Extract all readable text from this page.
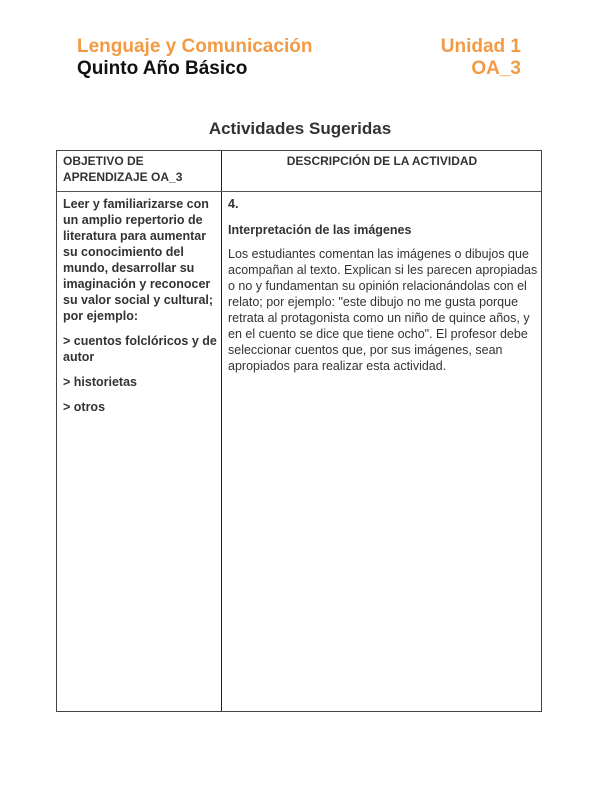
Lenguaje y Comunicación
Quinto Año Básico
Unidad 1
OA_3
Actividades Sugeridas
OBJETIVO DE APRENDIZAJE OA_3
DESCRIPCIÓN DE LA ACTIVIDAD

Leer y familiarizarse con un amplio repertorio de literatura para aumentar su conocimiento del mundo, desarrollar su imaginación y reconocer su valor social y cultural; por ejemplo:

> cuentos folclóricos y de autor

> historietas

> otros

4.

Interpretación de las imágenes

Los estudiantes comentan las imágenes o dibujos que acompañan al texto. Explican si les parecen apropiadas o no y fundamentan su opinión relacionándolas con el relato; por ejemplo: "este dibujo no me gusta porque retrata al protagonista como un niño de quince años, y en el cuento se dice que tiene ocho". El profesor debe seleccionar cuentos que, por sus imágenes, sean apropiados para realizar esta actividad.
